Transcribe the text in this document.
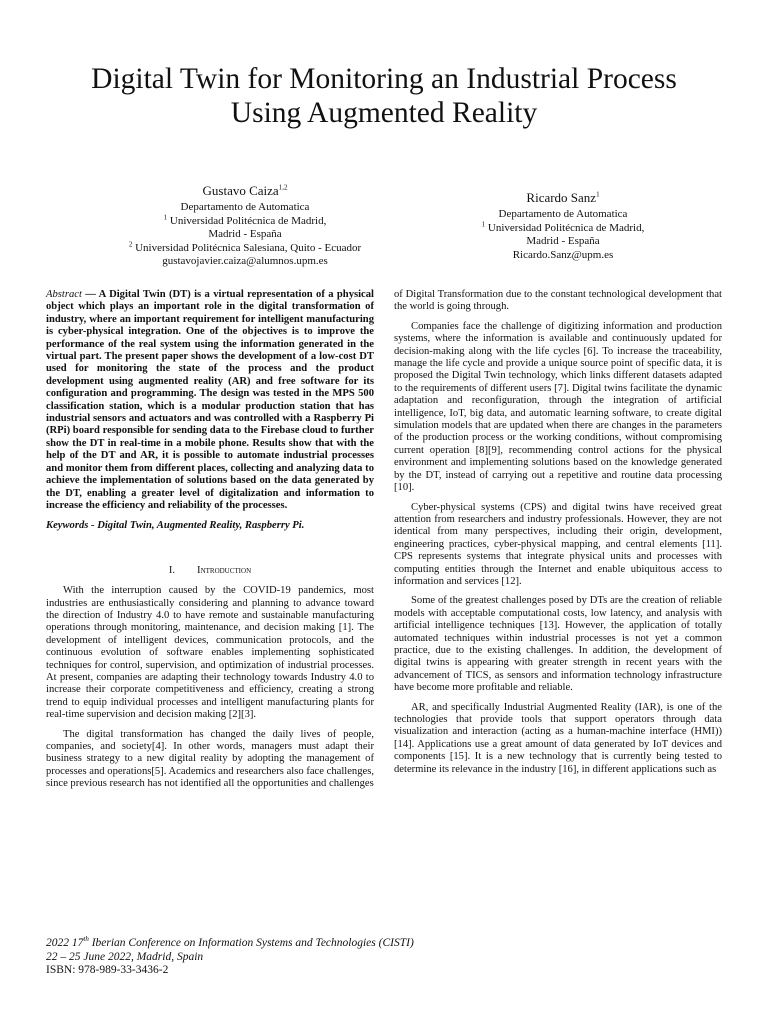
Digital Twin for Monitoring an Industrial Process
Using Augmented Reality
Gustavo Caiza$^{1,2}$
Departamento de Automatica
$^1$ Universidad Politécnica de Madrid,
Madrid - España
$^2$ Universidad Politécnica Salesiana, Quito - Ecuador
gustavojavier.caiza@alumnos.upm.es
Ricardo Sanz$^1$
Departamento de Automatica
$^1$ Universidad Politécnica de Madrid,
Madrid - España
Ricardo.Sanz@upm.es

Abstract — A Digital Twin (DT) is a virtual representation of a physical object which plays an important role in the digital transformation of industry, where an important requirement for intelligent manufacturing is cyber-physical integration. One of the objectives is to improve the performance of the real system using the information generated in the virtual part. The present paper shows the development of a low-cost DT used for monitoring the state of the process and the product development using augmented reality (AR) and free software for its configuration and programming. The design was tested in the MPS 500 classification station, which is a modular production station that has industrial sensors and actuators and was controlled with a Raspberry Pi (RPi) board responsible for sending data to the Firebase cloud to further show the DT in real-time in a mobile phone. Results show that with the help of the DT and AR, it is possible to automate industrial processes and monitor them from different places, collecting and analyzing data to achieve the implementation of solutions based on the data generated by the DT, enabling a greater level of digitalization and information to increase the efficiency and reliability of the processes.

Keywords - Digital Twin, Augmented Reality, Raspberry Pi.

I. Introduction

With the interruption caused by the COVID-19 pandemics, most industries are enthusiastically considering and planning to advance toward the direction of Industry 4.0 to have remote and sustainable manufacturing operations through monitoring, maintenance, and decision making [1]. The development of intelligent devices, communication protocols, and the continuous evolution of software enables implementing sophisticated techniques for control, supervision, and optimization of industrial processes. At present, companies are adapting their technology towards Industry 4.0 to increase their corporate competitiveness and efficiency, creating a strong trend to equip individual processes and intelligent manufacturing plants for real-time supervision and decision making [2][3].

The digital transformation has changed the daily lives of people, companies, and society[4]. In other words, managers must adapt their business strategy to a new digital reality by adopting the management of processes and operations[5]. Academics and researchers also face challenges, since previous research has not identified all the opportunities and challenges

of Digital Transformation due to the constant technological development that the world is going through.

Companies face the challenge of digitizing information and production systems, where the information is available and continuously updated for decision-making along with the life cycles [6]. To increase the traceability, manage the life cycle and provide a unique source point of specific data, it is proposed the Digital Twin technology, which links different datasets adapted to the requirements of different users [7]. Digital twins facilitate the dynamic adaptation and reconfiguration, through the integration of artificial intelligence, IoT, big data, and automatic learning software, to create digital simulation models that are updated when there are changes in the parameters of the production process or the working conditions, without compromising current operation [8][9], recommending control actions for the physical environment and implementing solutions based on the knowledge generated by the DT, instead of carrying out a repetitive and routine data processing [10].

Cyber-physical systems (CPS) and digital twins have received great attention from researchers and industry professionals. However, they are not identical from many perspectives, including their origin, development, engineering practices, cyber-physical mapping, and central elements [11]. CPS represents systems that integrate physical units and processes with computing entities through the Internet and enable ubiquitous access to information and services [12].

Some of the greatest challenges posed by DTs are the creation of reliable models with acceptable computational costs, low latency, and analysis with artificial intelligence techniques [13]. However, the application of totally automated techniques within industrial processes is not yet a common practice, due to the existing challenges. In addition, the development of digital twins is appearing with greater strength in recent years with the advancement of TICS, as sensors and information technology infrastructure have become more profitable and reliable.

AR, and specifically Industrial Augmented Reality (IAR), is one of the technologies that provide tools that support operators through data visualization and interaction (acting as a human-machine interface (HMI)) [14]. Applications use a great amount of data generated by IoT devices and components [15]. It is a new technology that is currently being tested to determine its relevance in the industry [16], in different applications such as

2022 17th Iberian Conference on Information Systems and Technologies (CISTI)
22 – 25 June 2022, Madrid, Spain
ISBN: 978-989-33-3436-2
